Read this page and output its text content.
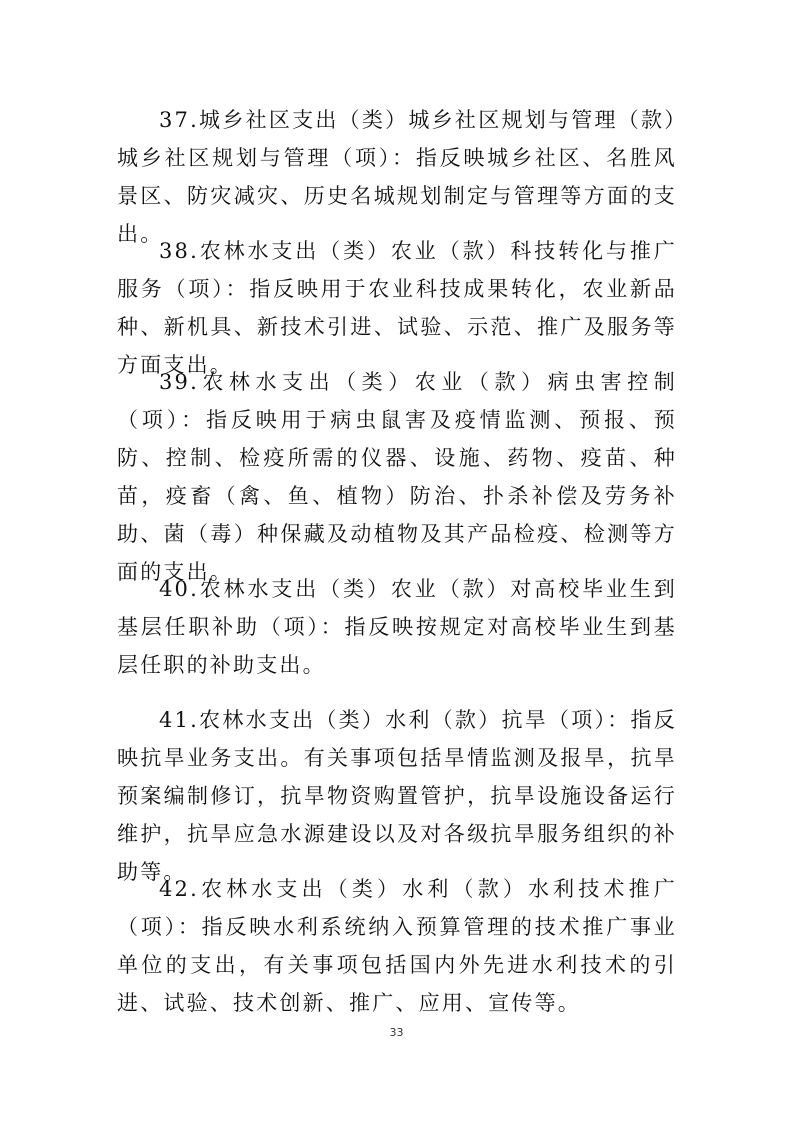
37.城乡社区支出（类）城乡社区规划与管理（款）城乡社区规划与管理（项）：指反映城乡社区、名胜风景区、防灾减灾、历史名城规划制定与管理等方面的支出。

38.农林水支出（类）农业（款）科技转化与推广服务（项）：指反映用于农业科技成果转化，农业新品种、新机具、新技术引进、试验、示范、推广及服务等方面支出。

39.农林水支出（类）农业（款）病虫害控制（项）：指反映用于病虫鼠害及疫情监测、预报、预防、控制、检疫所需的仪器、设施、药物、疫苗、种苗，疫畜（禽、鱼、植物）防治、扑杀补偿及劳务补助、菌（毒）种保藏及动植物及其产品检疫、检测等方面的支出。

40.农林水支出（类）农业（款）对高校毕业生到基层任职补助（项）：指反映按规定对高校毕业生到基层任职的补助支出。

41.农林水支出（类）水利（款）抗旱（项）：指反映抗旱业务支出。有关事项包括旱情监测及报旱，抗旱预案编制修订，抗旱物资购置管护，抗旱设施设备运行维护，抗旱应急水源建设以及对各级抗旱服务组织的补助等。

42.农林水支出（类）水利（款）水利技术推广（项）：指反映水利系统纳入预算管理的技术推广事业单位的支出，有关事项包括国内外先进水利技术的引进、试验、技术创新、推广、应用、宣传等。

33
